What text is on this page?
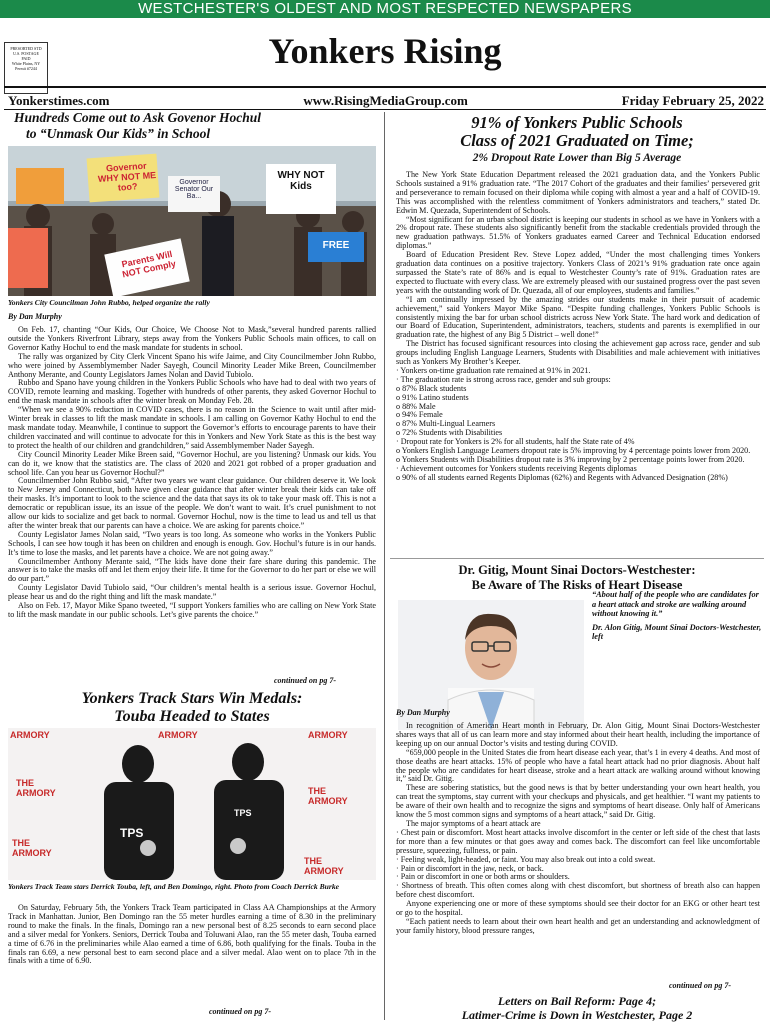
WESTCHESTER'S OLDEST AND MOST RESPECTED NEWSPAPERS
PRESORTED STD
U.S. POSTAGE
PAID
White Plains, NY
Permit #7244	Yonkers Rising
Yonkerstimes.com	www.RisingMediaGroup.com	Friday February 25, 2022
Hundreds Come out to Ask Govenor Hochul
to “Unmask Our Kids” in School
Governor WHY NOT ME too?	Governor Senator Our Ba...
WHY NOT Kids
Parents Will NOT Comply
FREE
Yonkers City Councilman John Rubbo, helped organize the rally
By Dan Murphy

On Feb. 17, chanting “Our Kids, Our Choice, We Choose Not to Mask,”several hundred parents rallied outside the Yonkers Riverfront Library, steps away from the Yonkers Public Schools main offices, to call on Governor Kathy Hochul to end the mask mandate for students in school.

The rally was organized by City Clerk Vincent Spano his wife Jaime, and City Councilmember John Rubbo, who were joined by Assemblymember Nader Sayegh, Council Minority Leader Mike Breen, Councilmember Anthony Merante, and County Legislators James Nolan and David Tubiolo.

Rubbo and Spano have young children in the Yonkers Public Schools who have had to deal with two years of COVID, remote learning and masking. Together with hundreds of other parents, they asked Governor Hochul to end the mask mandate in schools after the winter break on Monday Feb. 28.

“When we see a 90% reduction in COVID cases, there is no reason in the Science to wait until after mid-Winter break in classes to lift the mask mandate in schools. I am calling on Governor Kathy Hochul to end the mask mandate today. Meanwhile, I continue to support the Governor’s efforts to encourage parents to have their children vaccinated and will continue to advocate for this in Yonkers and New York State as this is the best way to protect the health of our children and grandchildren,” said Assemblymember Nader Sayegh.

City Council Minority Leader Mike Breen said, “Governor Hochul, are you listening? Unmask our kids. You can do it, we know that the statistics are. The class of 2020 and 2021 got robbed of a proper graduation and school life. Can you hear us Governor Hochul?”

Councilmember John Rubbo said, “After two years we want clear guidance. Our children deserve it. We look to New Jersey and Connecticut, both have given clear guidance that after winter break their kids can take off their masks. It’s important to look to the science and the data that says its ok to take your mask off. This is not a democratic or republican issue, its an issue of the people. We don’t want to wait. It’s cruel punishment to not allow our kids to socialize and get back to normal. Governor Hochul, now is the time to lead us and tell us that after the winter break that our parents can have a choice. We are asking for parents choice.”

County Legislator James Nolan said, “Two years is too long. As someone who works in the Yonkers Public Schools, I can see how tough it has been on children and enough is enough. Gov. Hochul’s future is in our hands. It’s time to lose the masks, and let parents have a choice. We are not going away.”

Councilmember Anthony Merante said, “The kids have done their fare share during this pandemic. The answer is to take the masks off and let them enjoy their life. It time for the Governor to do her part or else we will do our part.”

County Legislator David Tubiolo said, “Our children’s mental health is a serious issue. Governor Hochul, please hear us and do the right thing and lift the mask mandate.”

Also on Feb. 17, Mayor Mike Spano tweeted, “I support Yonkers families who are calling on New York State to lift the mask mandate in our public schools. Let’s give parents the choice.”

continued on pg 7-
Yonkers Track Stars Win Medals:
Touba Headed to States
ARMORY	ARMORY	ARMORY
THE ARMORY	THE ARMORY
THE ARMORY
THE ARMORY
TPS
TPS
Yonkers Track Team stars Derrick Touba, left, and Ben Domingo, right. Photo from Coach Derrick Burke

On Saturday, February 5th, the Yonkers Track Team participated in Class AA Championships at the Armory Track in Manhattan. Junior, Ben Domingo ran the 55 meter hurdles earning a time of 8.30 in the preliminary round to make the finals. In the finals, Domingo ran a new personal best of 8.25 seconds to earn second place and a silver medal for Yonkers. Seniors, Derrick Touba and Toluwani Alao, ran the 55 meter dash, Touba earned a time of 6.76 in the preliminaries while Alao earned a time of 6.86, both qualifying for the finals. Touba in the finals ran 6.69, a new personal best to earn second place and a silver medal. Alao went on to place 7th in the finals with a time of 6.90.

continued on pg 7-
91% of Yonkers Public Schools
Class of 2021 Graduated on Time;
2% Dropout Rate Lower than Big 5 Average

The New York State Education Department released the 2021 graduation data, and the Yonkers Public Schools sustained a 91% graduation rate. “The 2017 Cohort of the graduates and their families’ persevered grit and perseverance to remain focused on their diploma while coping with almost a year and a half of COVID-19. This was accomplished with the relentless commitment of Yonkers administrators and teachers,” stated Dr. Edwin M. Quezada, Superintendent of Schools.

“Most significant for an urban school district is keeping our students in school as we have in Yonkers with a 2% dropout rate. These students also significantly benefit from the stackable credentials provided through the new graduation pathways. 51.5% of Yonkers graduates earned Career and Technical Education endorsed diplomas.”

Board of Education President Rev. Steve Lopez added, “Under the most challenging times Yonkers graduation data continues on a positive trajectory. Yonkers Class of 2021’s 91% graduation rate once again surpassed the State’s rate of 86% and is equal to Westchester County’s rate of 91%. Graduation rates are expected to fluctuate with every class. We are extremely pleased with our sustained progress over the past seven years with the outstanding work of Dr. Quezada, all of our employees, students and families.”

“I am continually impressed by the amazing strides our students make in their pursuit of academic achievement,” said Yonkers Mayor Mike Spano. “Despite funding challenges, Yonkers Public Schools is consistently mixing the bar for urban school districts across New York State. The hard work and dedication of our Board of Education, Superintendent, administrators, teachers, students and parents is exemplified in our graduation rate, the highest of any Big 5 District – well done!”

The District has focused significant resources into closing the achievement gap across race, gender and sub groups including English Language Learners, Students with Disabilities and male achievement with initiatives such as Yonkers My Brother’s Keeper.

· Yonkers on-time graduation rate remained at 91% in 2021.

· The graduation rate is strong across race, gender and sub groups:

o 87% Black students

o 91% Latino students

o 88% Male

o 94% Female

o 87% Multi-Lingual Learners

o 72% Students with Disabilities

· Dropout rate for Yonkers is 2% for all students, half the State rate of 4%

o Yonkers English Language Learners dropout rate is 5% improving by 4 percentage points lower from 2020.

o Yonkers Students with Disabilities dropout rate is 3% improving by 2 percentage points lower from 2020.

· Achievement outcomes for Yonkers students receiving Regents diplomas

o 90% of all students earned Regents Diplomas (62%) and Regents with Advanced Designation (28%)

Dr. Gitig, Mount Sinai Doctors-Westchester:
Be Aware of The Risks of Heart Disease
“About half of the people who are candidates for a heart attack and stroke are walking around without knowing it.”
Dr. Alon Gitig, Mount Sinai Doctors-Westchester, left
By Dan Murphy

In recognition of American Heart month in February, Dr. Alon Gitig, Mount Sinai Doctors-Westchester shares ways that all of us can learn more and stay informed about their heart health, including the importance of keeping up on our annual Doctor’s visits and testing during COVID.

“659,000 people in the United States die from heart disease each year, that’s 1 in every 4 deaths. And most of those deaths are heart attacks. 15% of people who have a fatal heart attack had no prior diagnosis. About half the people who are candidates for heart disease, stroke and a heart attack are walking around without knowing it,” said Dr. Gitig.

These are sobering statistics, but the good news is that by better understanding your own heart health, you can treat the symptoms, stay current with your checkups and physicals, and get healthier. “I want my patients to be aware of their own health and to recognize the signs and symptoms of heart disease. Only half of Americans know the 5 most common signs and symptoms of a heart attack,” said Dr. Gitig.

The major symptoms of a heart attack are

· Chest pain or discomfort. Most heart attacks involve discomfort in the center or left side of the chest that lasts for more than a few minutes or that goes away and comes back. The discomfort can feel like uncomfortable pressure, squeezing, fullness, or pain.

· Feeling weak, light-headed, or faint. You may also break out into a cold sweat.

· Pain or discomfort in the jaw, neck, or back.

· Pain or discomfort in one or both arms or shoulders.

· Shortness of breath. This often comes along with chest discomfort, but shortness of breath also can happen before chest discomfort.

Anyone experiencing one or more of these symptoms should see their doctor for an EKG or other heart test or go to the hospital.

“Each patient needs to learn about their own heart health and get an understanding and acknowledgment of your family history, blood pressure ranges,

continued on pg 7-
Letters on Bail Reform: Page 4;
Latimer-Crime is Down in Westchester, Page 2
